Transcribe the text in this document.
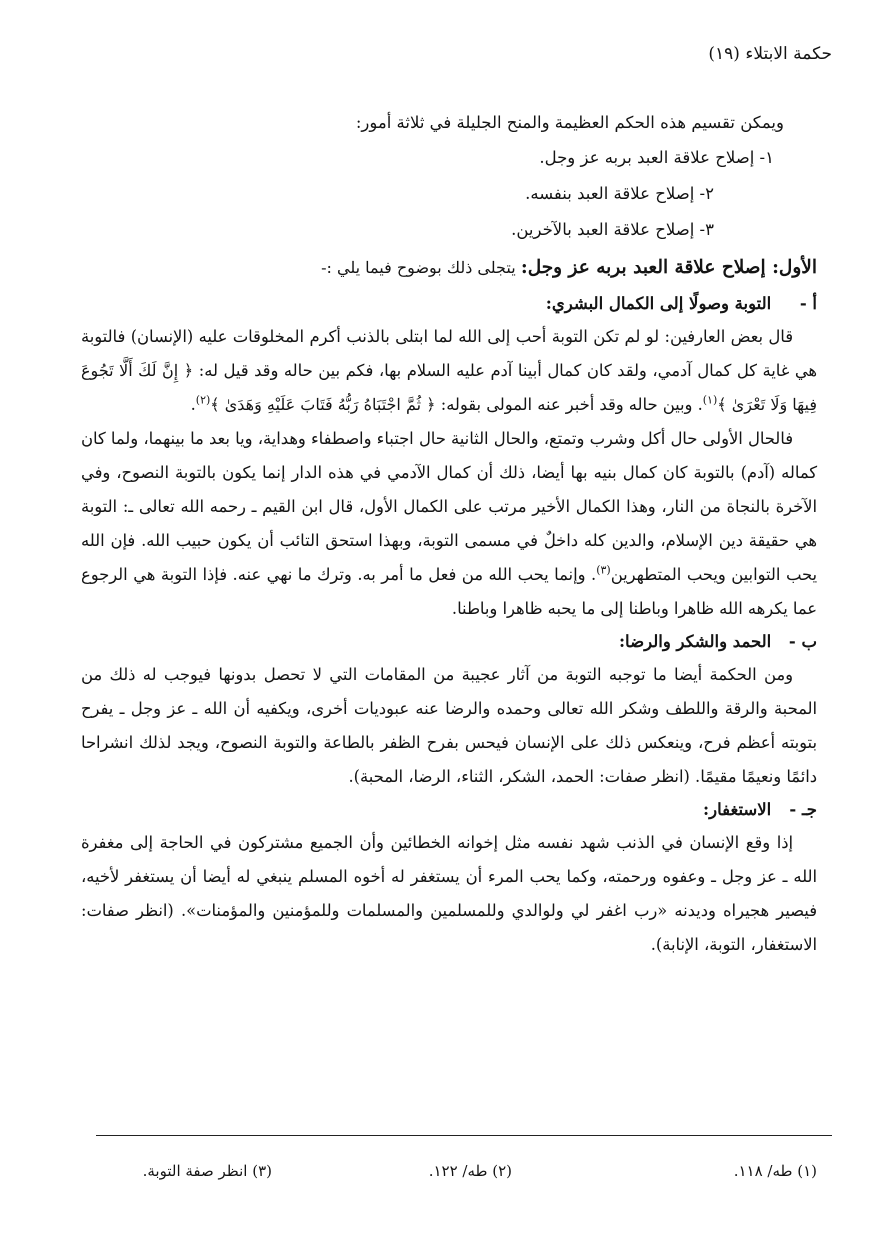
حكمة الابتلاء (١٩)
ويمكن تقسيم هذه الحكم العظيمة والمنح الجليلة في ثلاثة أمور:
١- إصلاح علاقة العبد بربه عز وجل.
٢- إصلاح علاقة العبد بنفسه.
٣- إصلاح علاقة العبد بالآخرين.
الأول: إصلاح علاقة العبد بربه عز وجل: يتجلى ذلك بوضوح فيما يلي :-
أ - التوبة وصولًا إلى الكمال البشري:

قال بعض العارفين: لو لم تكن التوبة أحب إلى الله لما ابتلى بالذنب أكرم المخلوقات عليه (الإنسان) فالتوبة هي غاية كل كمال آدمي، ولقد كان كمال أبينا آدم عليه السلام بها، فكم بين حاله وقد قيل له: ﴿ إِنَّ لَكَ أَلَّا تَجُوعَ فِيهَا وَلَا تَعْرَىٰ ﴾$^{(١)}$. وبين حاله وقد أخبر عنه المولى بقوله: ﴿ ثُمَّ اجْتَبَاهُ رَبُّهُ فَتَابَ عَلَيْهِ وَهَدَىٰ ﴾$^{(٢)}$.

فالحال الأولى حال أكل وشرب وتمتع، والحال الثانية حال اجتباء واصطفاء وهداية، ويا بعد ما بينهما، ولما كان كماله (آدم) بالتوبة كان كمال بنيه بها أيضا، ذلك أن كمال الآدمي في هذه الدار إنما يكون بالتوبة النصوح، وفي الآخرة بالنجاة من النار، وهذا الكمال الأخير مرتب على الكمال الأول، قال ابن القيم ـ رحمه الله تعالى ـ: التوبة هي حقيقة دين الإسلام، والدين كله داخلٌ في مسمى التوبة، وبهذا استحق التائب أن يكون حبيب الله. فإن الله يحب التوابين ويحب المتطهرين$^{(٣)}$. وإنما يحب الله من فعل ما أمر به. وترك ما نهي عنه. فإذا التوبة هي الرجوع عما يكرهه الله ظاهرا وباطنا إلى ما يحبه ظاهرا وباطنا.

ب - الحمد والشكر والرضا:

ومن الحكمة أيضا ما توجبه التوبة من آثار عجيبة من المقامات التي لا تحصل بدونها فيوجب له ذلك من المحبة والرقة واللطف وشكر الله تعالى وحمده والرضا عنه عبوديات أخرى، ويكفيه أن الله ـ عز وجل ـ يفرح بتوبته أعظم فرح، وينعكس ذلك على الإنسان فيحس بفرح الظفر بالطاعة والتوبة النصوح، ويجد لذلك انشراحا دائمًا ونعيمًا مقيمًا. (انظر صفات: الحمد، الشكر، الثناء، الرضا، المحبة).

جـ - الاستغفار:

إذا وقع الإنسان في الذنب شهد نفسه مثل إخوانه الخطائين وأن الجميع مشتركون في الحاجة إلى مغفرة الله ـ عز وجل ـ وعفوه ورحمته، وكما يحب المرء أن يستغفر له أخوه المسلم ينبغي له أيضا أن يستغفر لأخيه، فيصير هجيراه وديدنه «رب اغفر لي ولوالدي وللمسلمين والمسلمات وللمؤمنين والمؤمنات». (انظر صفات: الاستغفار، التوبة، الإنابة).

(١) طه/ ١١٨.
(٢) طه/ ١٢٢.
(٣) انظر صفة التوبة.
